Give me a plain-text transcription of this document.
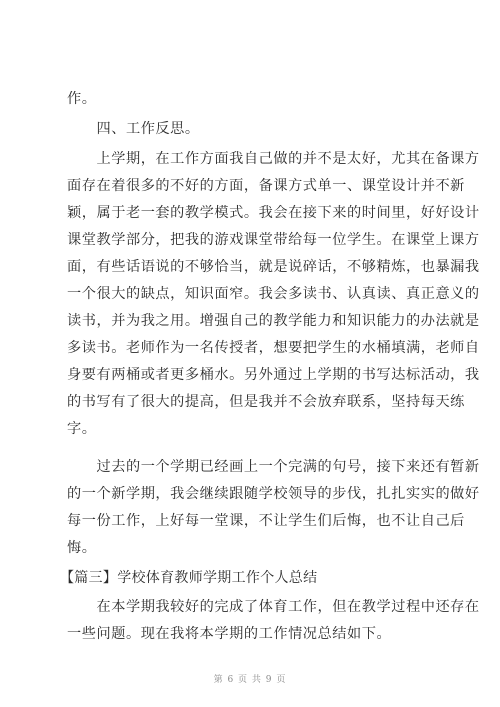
作。
　　四、工作反思。
　　上学期，在工作方面我自己做的并不是太好，尤其在备课方
面存在着很多的不好的方面，备课方式单一、课堂设计并不新
颖，属于老一套的教学模式。我会在接下来的时间里，好好设计
课堂教学部分，把我的游戏课堂带给每一位学生。在课堂上课方
面，有些话语说的不够恰当，就是说碎话，不够精炼，也暴漏我
一个很大的缺点，知识面窄。我会多读书、认真读、真正意义的
读书，并为我之用。增强自己的教学能力和知识能力的办法就是
多读书。老师作为一名传授者，想要把学生的水桶填满，老师自
身要有两桶或者更多桶水。另外通过上学期的书写达标活动，我
的书写有了很大的提高，但是我并不会放弃联系，坚持每天练
字。
　　过去的一个学期已经画上一个完满的句号，接下来还有暂新
的一个新学期，我会继续跟随学校领导的步伐，扎扎实实的做好
每一份工作，上好每一堂课，不让学生们后悔，也不让自己后
悔。
【篇三】学校体育教师学期工作个人总结
　　在本学期我较好的完成了体育工作，但在教学过程中还存在
一些问题。现在我将本学期的工作情况总结如下。
第 6 页 共 9 页
